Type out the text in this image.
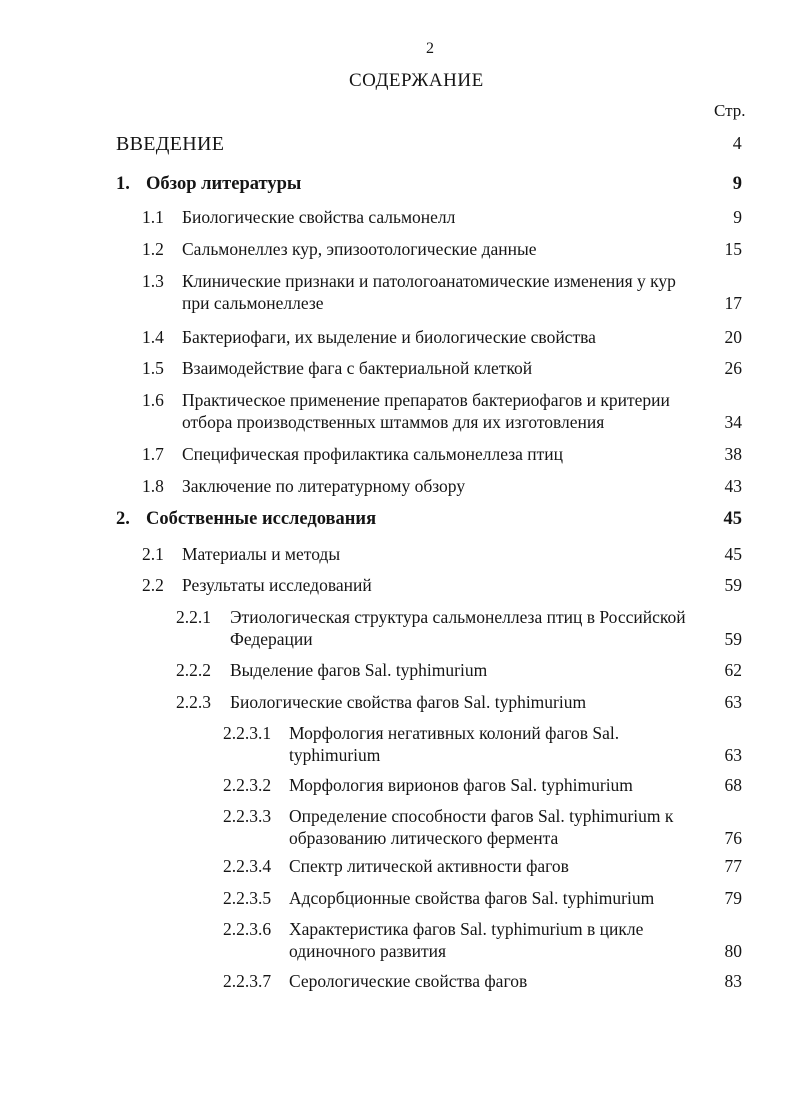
2
СОДЕРЖАНИЕ
Стр.
ВВЕДЕНИЕ	4
1. Обзор литературы	9
1.1 Биологические свойства сальмонелл	9
1.2 Сальмонеллез кур, эпизоотологические данные	15
1.3 Клинические признаки и патологоанатомические изменения у кур при сальмонеллезе	17
1.4 Бактериофаги, их выделение и биологические свойства	20
1.5 Взаимодействие фага с бактериальной клеткой	26
1.6 Практическое применение препаратов бактериофагов и критерии отбора производственных штаммов для их изготовления	34
1.7 Специфическая профилактика сальмонеллеза птиц	38
1.8 Заключение по литературному обзору	43
2. Собственные исследования	45
2.1 Материалы и методы	45
2.2 Результаты исследований	59
2.2.1 Этиологическая структура сальмонеллеза птиц в Российской Федерации	59
2.2.2 Выделение фагов Sal. typhimurium	62
2.2.3 Биологические свойства фагов Sal. typhimurium	63
2.2.3.1 Морфология негативных колоний фагов Sal. typhimurium	63
2.2.3.2 Морфология вирионов фагов Sal. typhimurium	68
2.2.3.3 Определение способности фагов Sal. typhimurium к образованию литического фермента	76
2.2.3.4 Спектр литической активности фагов	77
2.2.3.5 Адсорбционные свойства фагов Sal. typhimurium	79
2.2.3.6 Характеристика фагов Sal. typhimurium в цикле одиночного развития	80
2.2.3.7 Серологические свойства фагов	83
